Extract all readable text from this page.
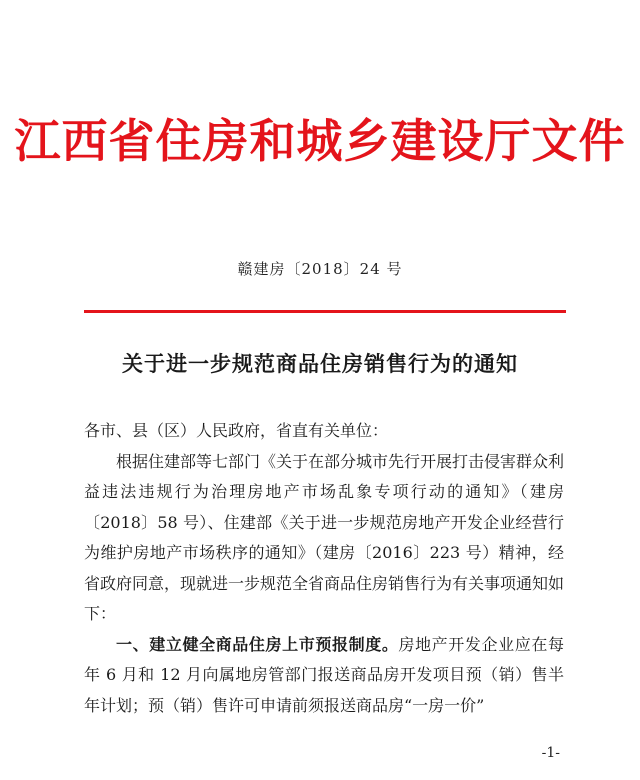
江西省住房和城乡建设厅文件
赣建房〔2018〕24 号
关于进一步规范商品住房销售行为的通知

各市、县（区）人民政府，省直有关单位：

根据住建部等七部门《关于在部分城市先行开展打击侵害群众利益违法违规行为治理房地产市场乱象专项行动的通知》（建房〔2018〕58 号）、住建部《关于进一步规范房地产开发企业经营行为维护房地产市场秩序的通知》（建房〔2016〕223 号）精神，经省政府同意，现就进一步规范全省商品住房销售行为有关事项通知如下：

一、建立健全商品住房上市预报制度。房地产开发企业应在每年 6 月和 12 月向属地房管部门报送商品房开发项目预（销）售半年计划；预（销）售许可申请前须报送商品房“一房一价”

-1-
